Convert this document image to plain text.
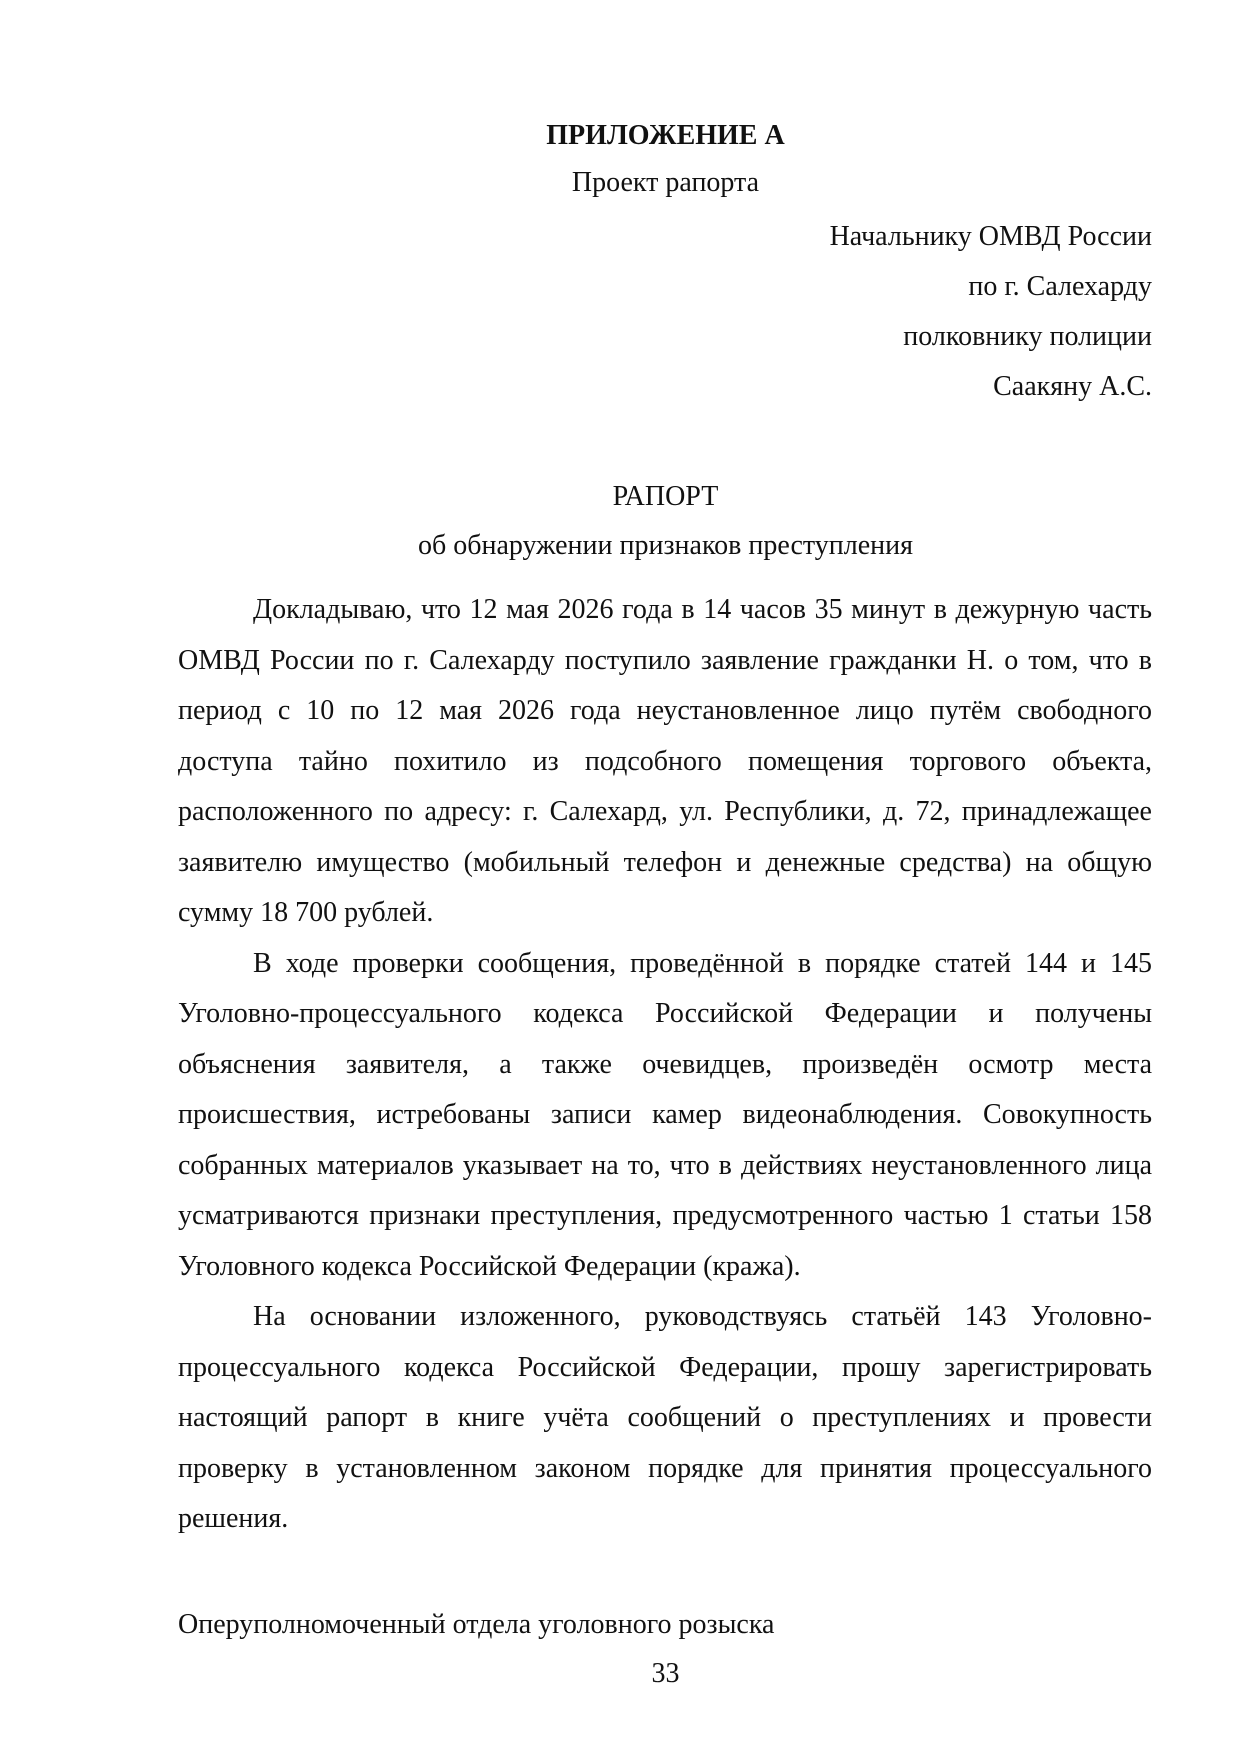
ПРИЛОЖЕНИЕ А
Проект рапорта
Начальнику ОМВД России
по г. Салехарду
полковнику полиции
Саакяну А.С.
РАПОРТ
об обнаружении признаков преступления

Докладываю, что 12 мая 2026 года в 14 часов 35 минут в дежурную часть ОМВД России по г. Салехарду поступило заявление гражданки Н. о том, что в период с 10 по 12 мая 2026 года неустановленное лицо путём свободного доступа тайно похитило из подсобного помещения торгового объекта, расположенного по адресу: г. Салехард, ул. Республики, д. 72, принадлежащее заявителю имущество (мобильный телефон и денежные средства) на общую сумму 18 700 рублей.

В ходе проверки сообщения, проведённой в порядке статей 144 и 145 Уголовно-процессуального кодекса Российской Федерации и получены объяснения заявителя, а также очевидцев, произведён осмотр места происшествия, истребованы записи камер видеонаблюдения. Совокупность собранных материалов указывает на то, что в действиях неустановленного лица усматриваются признаки преступления, предусмотренного частью 1 статьи 158 Уголовного кодекса Российской Федерации (кража).

На основании изложенного, руководствуясь статьёй 143 Уголовно-процессуального кодекса Российской Федерации, прошу зарегистрировать настоящий рапорт в книге учёта сообщений о преступлениях и провести проверку в установленном законом порядке для принятия процессуального решения.

Оперуполномоченный отдела уголовного розыска
33
